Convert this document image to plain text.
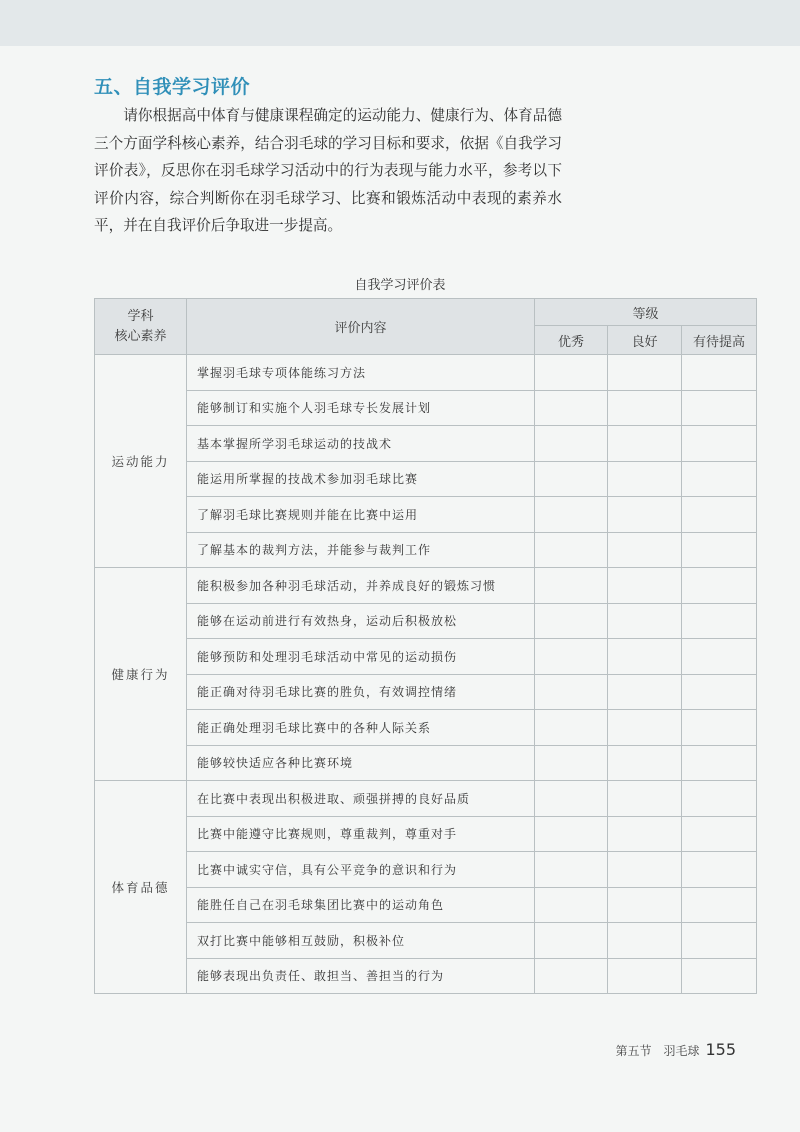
五、自我学习评价
请你根据高中体育与健康课程确定的运动能力、健康行为、体育品德三个方面学科核心素养，结合羽毛球的学习目标和要求，依据《自我学习评价表》，反思你在羽毛球学习活动中的行为表现与能力水平，参考以下评价内容，综合判断你在羽毛球学习、比赛和锻炼活动中表现的素养水平，并在自我评价后争取进一步提高。
自我学习评价表
学科
核心素养	评价内容	等级		
		优秀	良好	有待提高
运动能力	掌握羽毛球专项体能练习方法			
	能够制订和实施个人羽毛球专长发展计划			
	基本掌握所学羽毛球运动的技战术			
	能运用所掌握的技战术参加羽毛球比赛			
	了解羽毛球比赛规则并能在比赛中运用			
	了解基本的裁判方法，并能参与裁判工作			
健康行为	能积极参加各种羽毛球活动，并养成良好的锻炼习惯			
	能够在运动前进行有效热身，运动后积极放松			
	能够预防和处理羽毛球活动中常见的运动损伤			
	能正确对待羽毛球比赛的胜负，有效调控情绪			
	能正确处理羽毛球比赛中的各种人际关系			
	能够较快适应各种比赛环境			
体育品德	在比赛中表现出积极进取、顽强拼搏的良好品质			
	比赛中能遵守比赛规则，尊重裁判，尊重对手			
	比赛中诚实守信，具有公平竞争的意识和行为			
	能胜任自己在羽毛球集团比赛中的运动角色			
	双打比赛中能够相互鼓励，积极补位			
	能够表现出负责任、敢担当、善担当的行为			
第五节　羽毛球 155
